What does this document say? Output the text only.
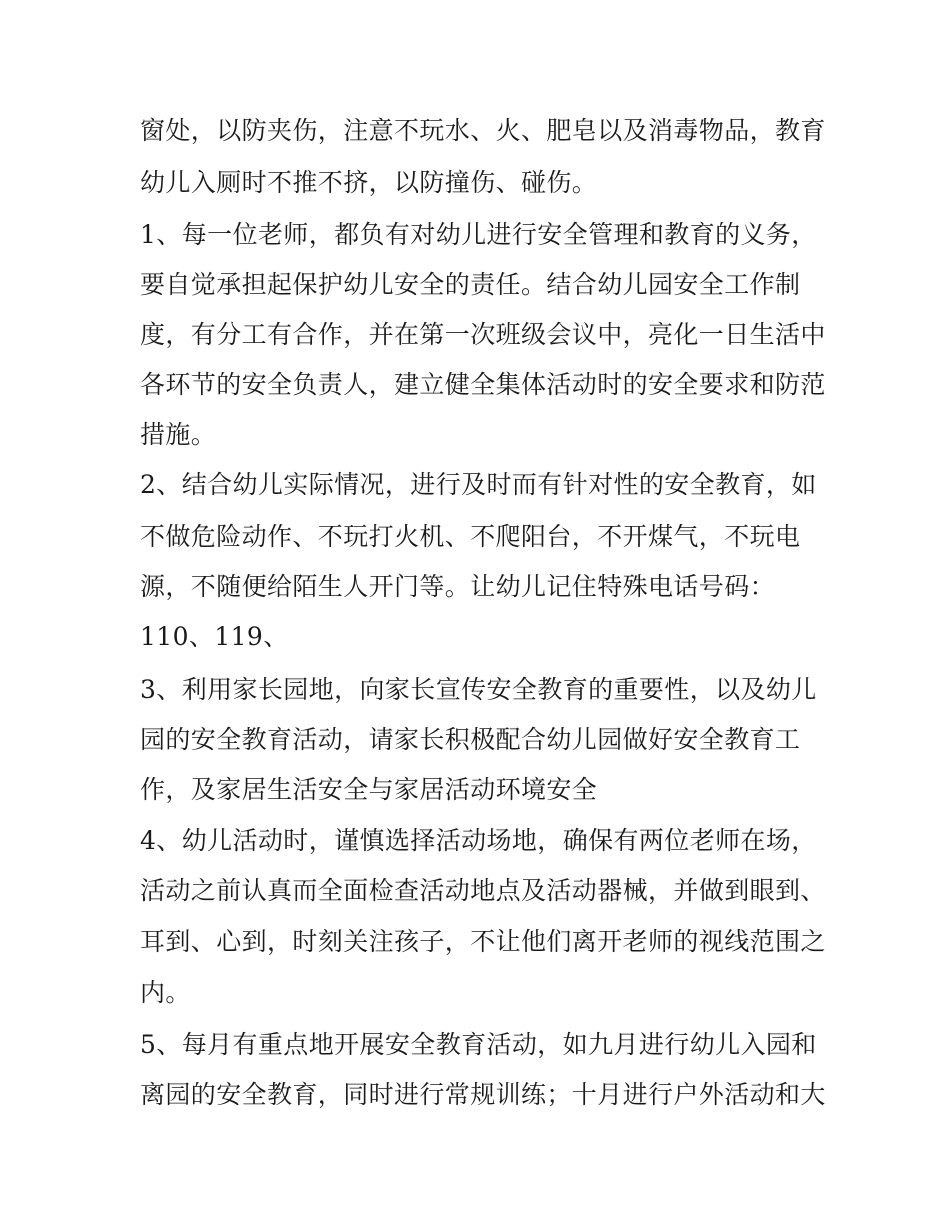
窗处，以防夹伤，注意不玩水、火、肥皂以及消毒物品，教育
幼儿入厕时不推不挤，以防撞伤、碰伤。
1、每一位老师，都负有对幼儿进行安全管理和教育的义务，
要自觉承担起保护幼儿安全的责任。结合幼儿园安全工作制
度，有分工有合作，并在第一次班级会议中，亮化一日生活中
各环节的安全负责人，建立健全集体活动时的安全要求和防范
措施。
2、结合幼儿实际情况，进行及时而有针对性的安全教育，如
不做危险动作、不玩打火机、不爬阳台，不开煤气，不玩电
源，不随便给陌生人开门等。让幼儿记住特殊电话号码：
110、119、
3、利用家长园地，向家长宣传安全教育的重要性，以及幼儿
园的安全教育活动，请家长积极配合幼儿园做好安全教育工
作，及家居生活安全与家居活动环境安全
4、幼儿活动时，谨慎选择活动场地，确保有两位老师在场，
活动之前认真而全面检查活动地点及活动器械，并做到眼到、
耳到、心到，时刻关注孩子，不让他们离开老师的视线范围之
内。
5、每月有重点地开展安全教育活动，如九月进行幼儿入园和
离园的安全教育，同时进行常规训练；十月进行户外活动和大
